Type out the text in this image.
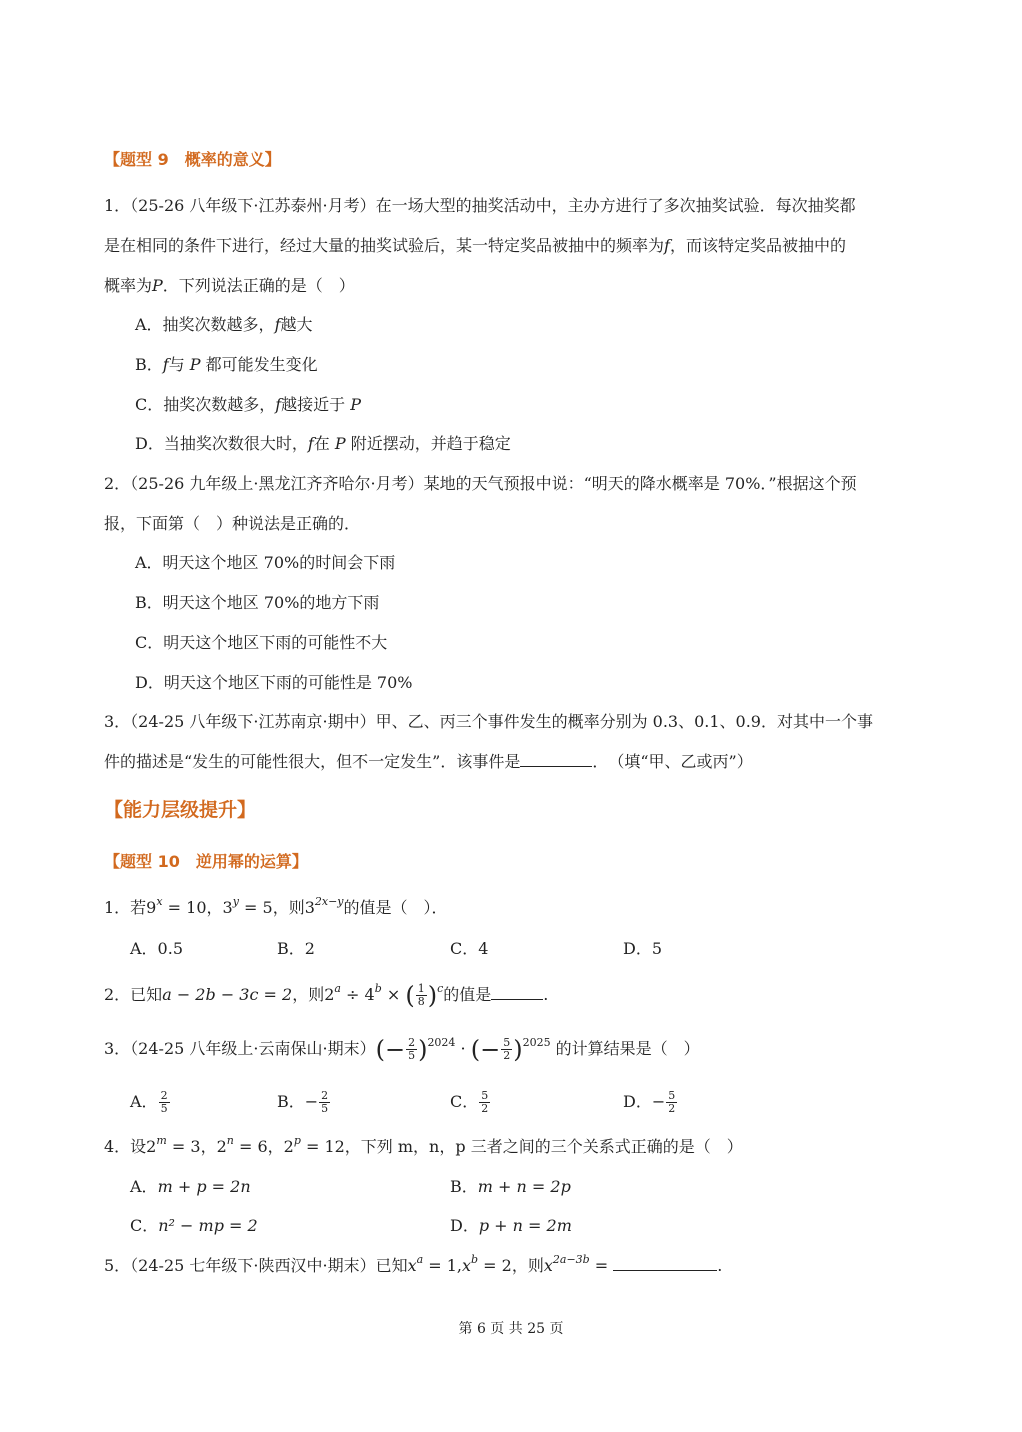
【题型 9　概率的意义】
1．（25-26 八年级下·江苏泰州·月考）在一场大型的抽奖活动中，主办方进行了多次抽奖试验．每次抽奖都
是在相同的条件下进行，经过大量的抽奖试验后，某一特定奖品被抽中的频率为f，而该特定奖品被抽中的
概率为P．下列说法正确的是（　）
A．抽奖次数越多，f越大
B．f与 P 都可能发生变化
C．抽奖次数越多，f越接近于 P
D．当抽奖次数很大时，f在 P 附近摆动，并趋于稳定
2．（25-26 九年级上·黑龙江齐齐哈尔·月考）某地的天气预报中说：“明天的降水概率是 70%．”根据这个预
报，下面第（　）种说法是正确的．
A．明天这个地区 70%的时间会下雨
B．明天这个地区 70%的地方下雨
C．明天这个地区下雨的可能性不大
D．明天这个地区下雨的可能性是 70%
3．（24-25 八年级下·江苏南京·期中）甲、乙、丙三个事件发生的概率分别为 0.3、0.1、0.9．对其中一个事
件的描述是“发生的可能性很大，但不一定发生”．该事件是	．　（填“甲、乙或丙”）
【能力层级提升】
【题型 10　逆用幂的运算】
1．若$9^x = 10$，$3^y = 5$，则$3^{2x-y}$的值是（　）．
A．0.5	B．2	C．4	D．5
2．已知a − 2b − 3c = 2，则$2^a \div 4^b$ × ( $\frac{1}{8} )^c$的值是	.
3．（24-25 八年级上·云南保山·期末）(− $\frac{2}{5} )^{2024}$ · (− $\frac{5}{2} )^{2025}$ 的计算结果是（　）
A． $\frac{2}{5}$	B．− $\frac{2}{5}$	C． $\frac{5}{2}$	D．− $\frac{5}{2}$
4．设$2^m = 3$，$2^n = 6$，$2^p = 12$，下列 m，n，p 三者之间的三个关系式正确的是（　）
A．m + p = 2n	B．m + n = 2p
C．n² − mp = 2	D．p + n = 2m
5．（24-25 七年级下·陕西汉中·期末）已知$x^a = 1,x^b = 2$，则$x^{2a-3b}$ =	.
第 6 页 共 25 页
